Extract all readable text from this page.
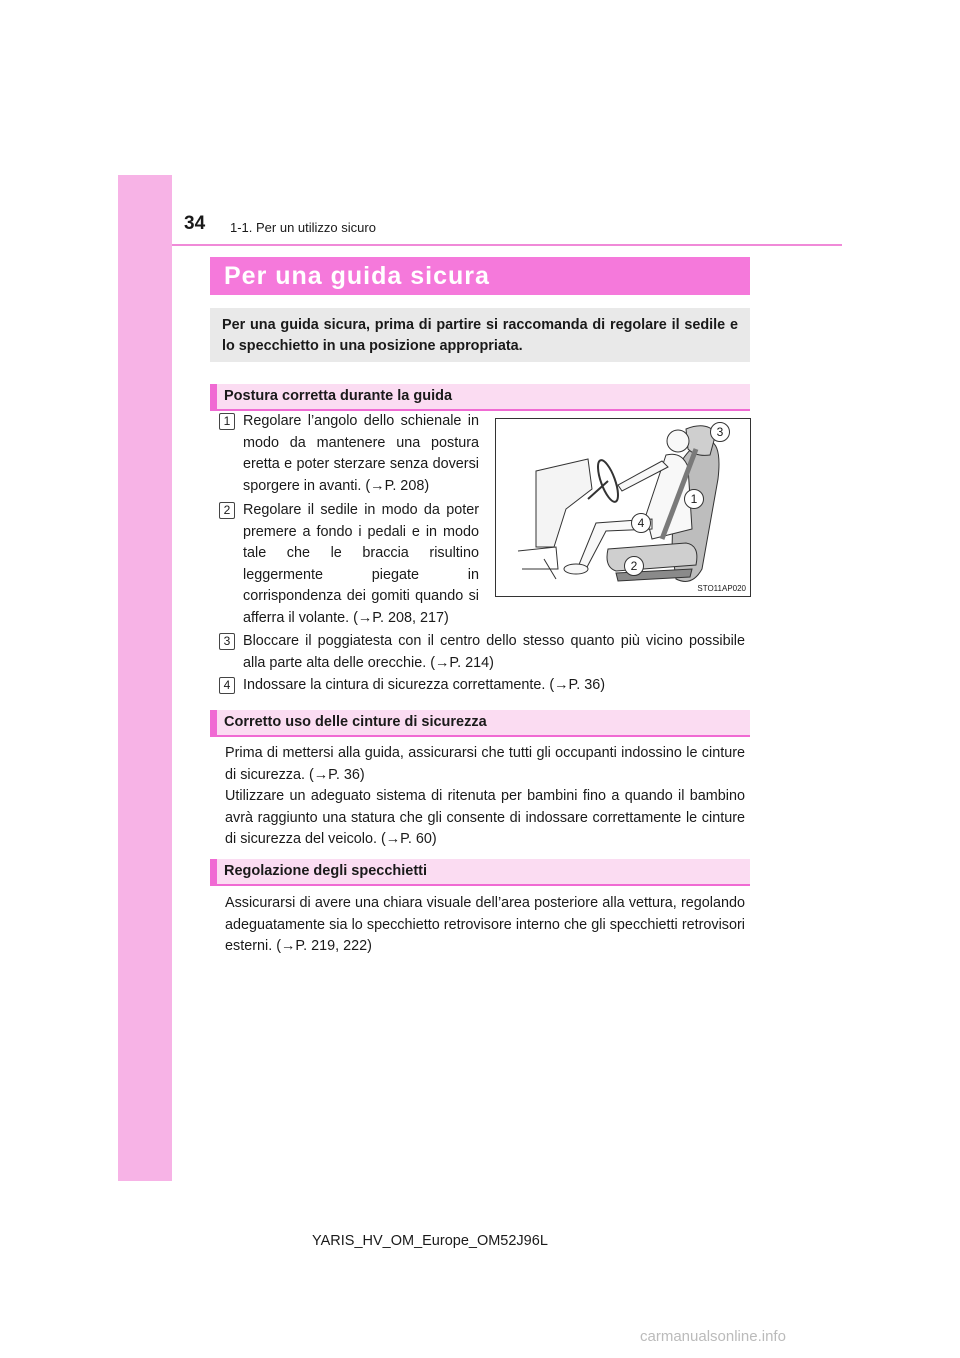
34 1-1. Per un utilizzo sicuro
Per una guida sicura

Per una guida sicura, prima di partire si raccomanda di regolare il sedile e lo specchietto in una posizione appropriata.

Postura corretta durante la guida
1 Regolare l’angolo dello schienale in modo da mantenere una postura eretta e poter sterzare senza doversi sporgere in avanti. (→P. 208)
2 Regolare il sedile in modo da poter premere a fondo i pedali e in modo tale che le braccia risultino leggermente piegate in corrispondenza dei gomiti quando si afferra il volante. (→P. 208, 217)
3
1
4
2
STO11AP020
3 Bloccare il poggiatesta con il centro dello stesso quanto più vicino possibile alla parte alta delle orecchie. (→P. 214)
4 Indossare la cintura di sicurezza correttamente. (→P. 36)
Corretto uso delle cinture di sicurezza
Prima di mettersi alla guida, assicurarsi che tutti gli occupanti indossino le cinture di sicurezza. (→P. 36)
Utilizzare un adeguato sistema di ritenuta per bambini fino a quando il bambino avrà raggiunto una statura che gli consente di indossare correttamente le cinture di sicurezza del veicolo. (→P. 60)
Regolazione degli specchietti
Assicurarsi di avere una chiara visuale dell’area posteriore alla vettura, regolando adeguatamente sia lo specchietto retrovisore interno che gli specchietti retrovisori esterni. (→P. 219, 222)
YARIS_HV_OM_Europe_OM52J96L
carmanualsonline.info
